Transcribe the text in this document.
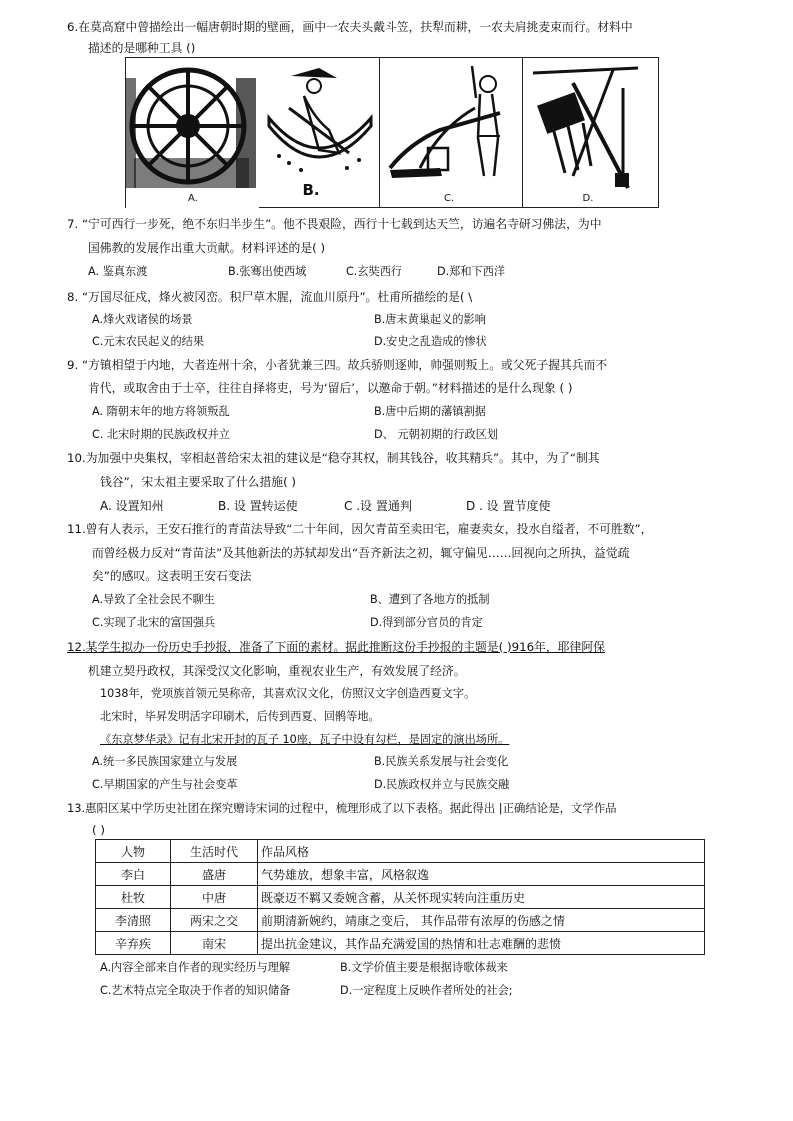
6.在莫高窟中曾描绘出一幅唐朝时期的壁画，画中一农夫头戴斗笠，扶犁而耕，一农夫肩挑麦束而行。材料中
描述的是哪种工具 ()
A.	B.	C.	D.
7. “宁可西行一步死，绝不东归半步生”。他不畏艰险，西行十七载到达天竺，访遍名寺研习佛法，为中
国佛教的发展作出重大贡献。材料评述的是( )
A. 鉴真东渡	B.张骞出使西域	C.玄奘西行	D.郑和下西洋
8. “万国尽征戍，烽火被冈峦。积尸草木腥，流血川原丹”。杜甫所描绘的是( \
A.烽火戏诸侯的场景	B.唐末黄巢起义的影响
C.元末农民起义的结果	D.安史之乱造成的惨状
9. “方镇相望于内地，大者连州十余，小者犹兼三四。故兵骄则逐帅，帅强则叛上。或父死子握其兵而不
肯代，或取舍由于士卒，往往自择将吏，号为‘留后’，以邀命于朝。”材料描述的是什么现象 ( )
A. 隋朝末年的地方将领叛乱	B.唐中后期的藩镇割据
C. 北宋时期的民族政权并立	D、 元朝初期的行政区划
10.为加强中央集权，宰相赵普给宋太祖的建议是“稳夺其权，制其钱谷，收其精兵”。其中，为了“制其
钱谷”，宋太祖主要采取了什么措施( )
A. 设置知州	B. 设 置转运使	C .设 置通判	D . 设 置节度使
11.曾有人表示，王安石推行的青苗法导致“二十年间，因欠青苗至卖田宅，雇妻卖女，投水自缢者，不可胜数”，
而曾经极力反对“青苗法”及其他新法的苏轼却发出“吾齐新法之初，辄守偏见……回视向之所执，益觉疏
矣”的感叹。这表明王安石变法
A.导致了全社会民不聊生	B、遭到了各地方的抵制
C.实现了北宋的富国强兵	D.得到部分官员的肯定
12.某学生拟办一份历史手抄报，准备了下面的素材。据此推断这份手抄报的主题是( )916年，耶律阿保
机建立契丹政权，其深受汉文化影响，重视农业生产，有效发展了经济。
1038年，党项族首领元昊称帝，其喜欢汉文化，仿照汉文字创造西夏文字。
北宋时，毕昇发明活字印刷术，后传到西夏、回鹘等地。
《东京梦华录》记有北宋开封的瓦子 10座，瓦子中设有勾栏，是固定的演出场所。
A.统一多民族国家建立与发展	B.民族关系发展与社会变化
C.早期国家的产生与社会变革	D.民族政权并立与民族交融
13.惠阳区某中学历史社团在探究赠诗宋词的过程中，梳理形成了以下表格。据此得出 |正确结论是，文学作品
( )
人物	生活时代	作品风格
李白	盛唐	气势雄放，想象丰富，风格叙逸
杜牧	中唐	既豪迈不羁又委婉含蓄，从关怀现实转向注重历史
李清照	两宋之交	前期清新婉约，靖康之变后， 其作品带有浓厚的伤感之情
辛弃疾	南宋	提出抗金建议，其作品充满爱国的热情和壮志难酬的悲愤
A.内容全部来自作者的现实经历与理解	B.文学价值主要是根据诗歌体裁来
C.艺术特点完全取决于作者的知识储备	D.一定程度上反映作者所处的社会;
